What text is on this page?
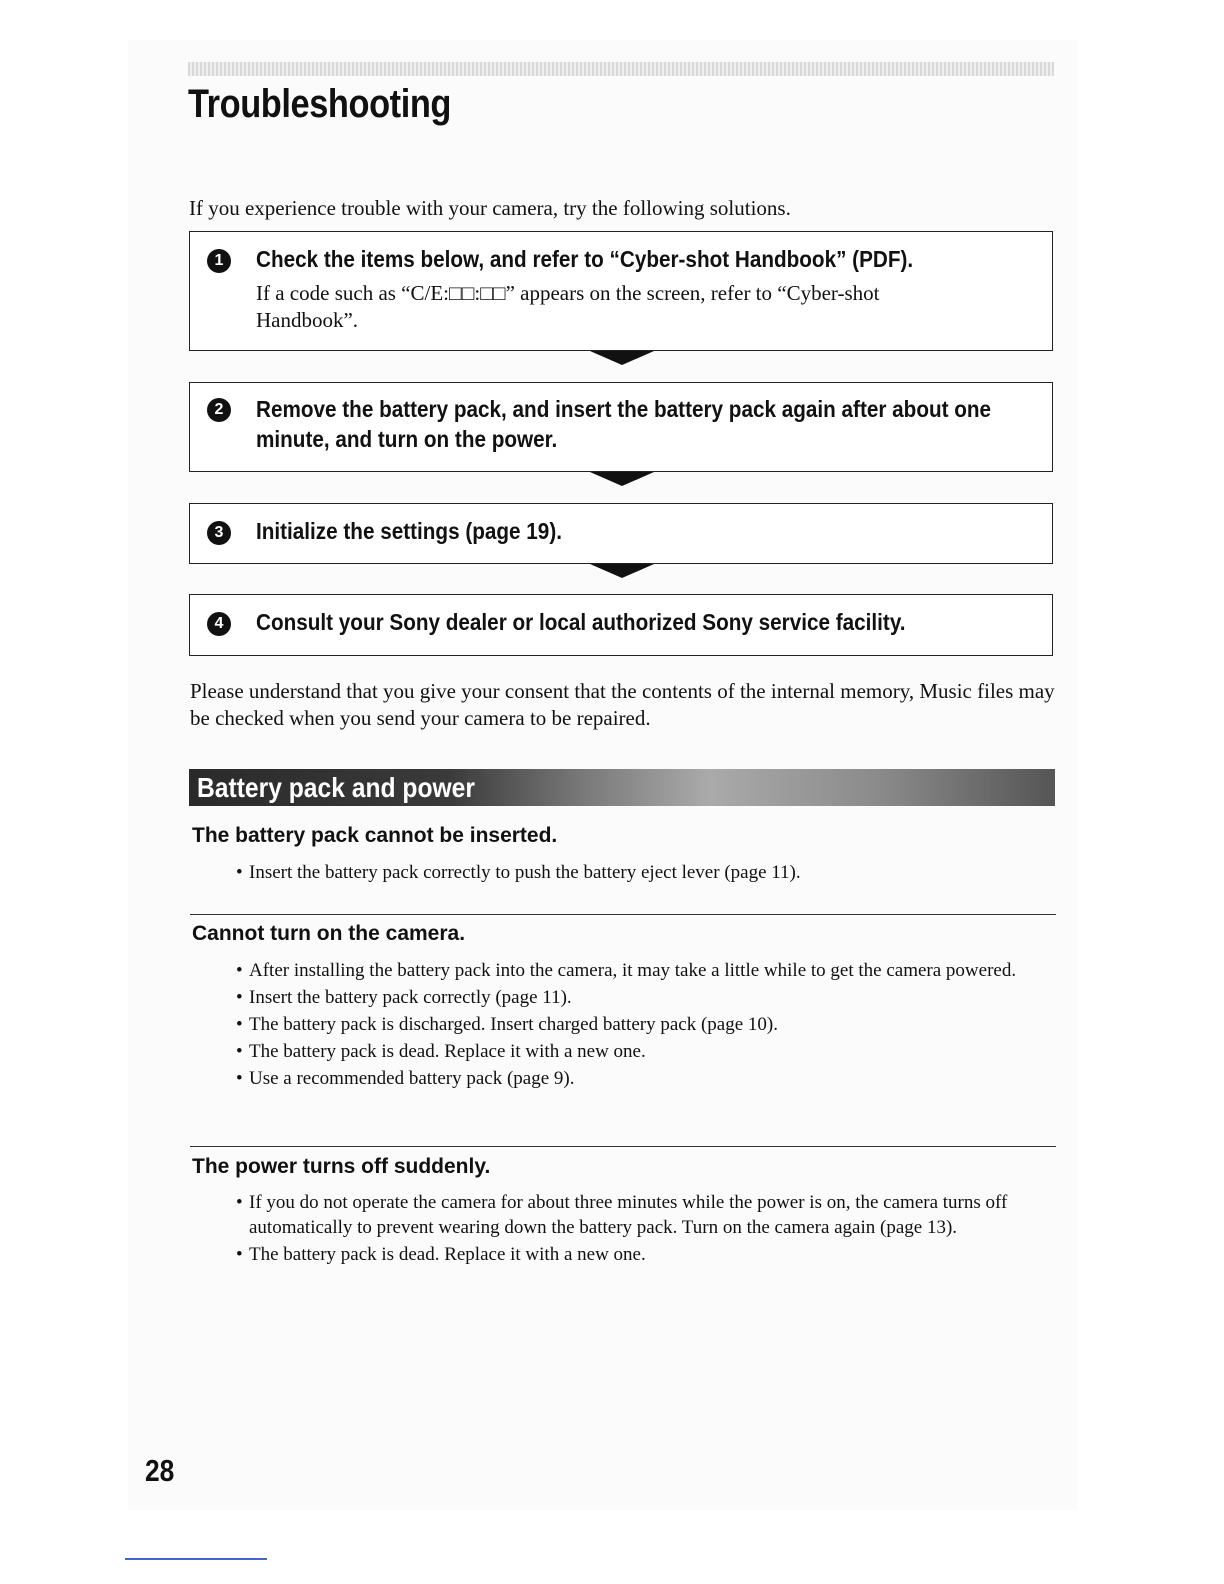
Troubleshooting

If you experience trouble with your camera, try the following solutions.

1	Check the items below, and refer to “Cyber-shot Handbook” (PDF).

If a code such as “C/E:□□:□□” appears on the screen, refer to “Cyber-shot Handbook”.

2	Remove the battery pack, and insert the battery pack again after about one minute, and turn on the power.

3	Initialize the settings (page 19).

4	Consult your Sony dealer or local authorized Sony service facility.

Please understand that you give your consent that the contents of the internal memory, Music files may be checked when you send your camera to be repaired.

Battery pack and power

The battery pack cannot be inserted.
• Insert the battery pack correctly to push the battery eject lever (page 11).
Cannot turn on the camera.
• After installing the battery pack into the camera, it may take a little while to get the camera powered.
• Insert the battery pack correctly (page 11).
• The battery pack is discharged. Insert charged battery pack (page 10).
• The battery pack is dead. Replace it with a new one.
• Use a recommended battery pack (page 9).
The power turns off suddenly.
• If you do not operate the camera for about three minutes while the power is on, the camera turns off automatically to prevent wearing down the battery pack. Turn on the camera again (page 13).
• The battery pack is dead. Replace it with a new one.

28
